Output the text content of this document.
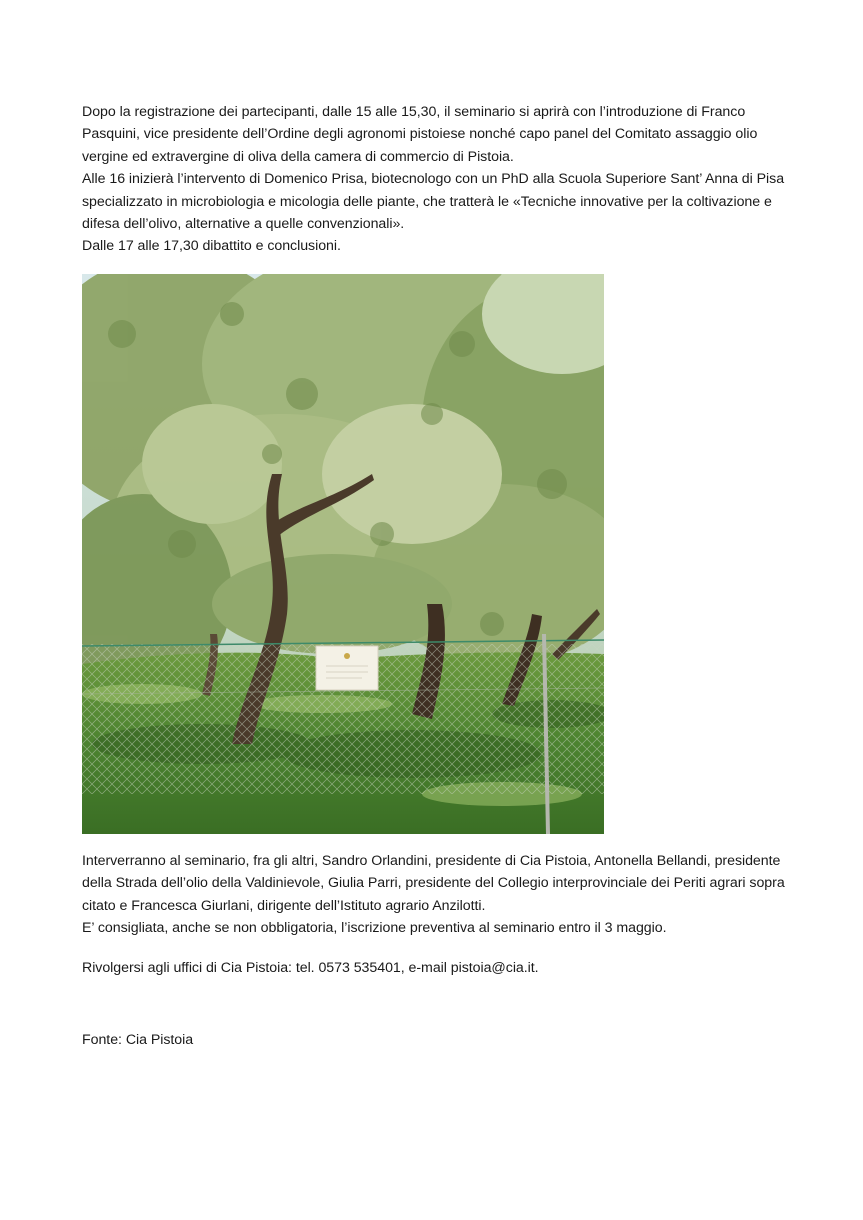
Dopo la registrazione dei partecipanti, dalle 15 alle 15,30, il seminario si aprirà con l’introduzione di Franco Pasquini, vice presidente dell’Ordine degli agronomi pistoiese nonché capo panel del Comitato assaggio olio vergine ed extravergine di oliva della camera di commercio di Pistoia.

Alle 16 inizierà l’intervento di Domenico Prisa, biotecnologo con un PhD alla Scuola Superiore Sant’ Anna di Pisa specializzato in microbiologia e micologia delle piante, che tratterà le «Tecniche innovative per la coltivazione e difesa dell’olivo, alternative a quelle convenzionali».

Dalle 17 alle 17,30 dibattito e conclusioni.

Interverranno al seminario, fra gli altri, Sandro Orlandini, presidente di Cia Pistoia, Antonella Bellandi, presidente della Strada dell’olio della Valdinievole, Giulia Parri, presidente del Collegio interprovinciale dei Periti agrari sopra citato e Francesca Giurlani, dirigente dell’Istituto agrario Anzilotti.

E’ consigliata, anche se non obbligatoria, l’iscrizione preventiva al seminario entro il 3 maggio.

Rivolgersi agli uffici di Cia Pistoia: tel. 0573 535401, e-mail pistoia@cia.it.

Fonte: Cia Pistoia
